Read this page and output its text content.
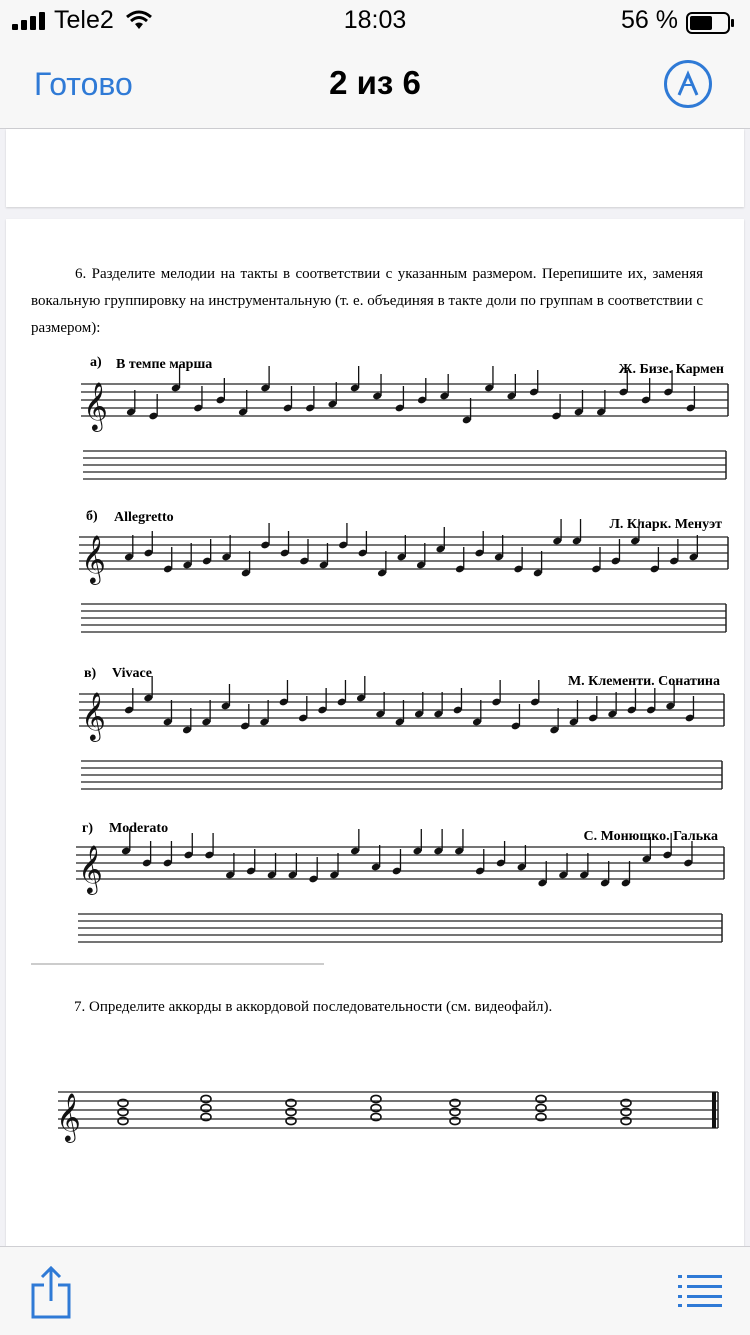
Tele2	18:03	56 %
Готово	2 из 6
6. Разделите мелодии на такты в соответствии с указанным размером. Перепишите их, заменяя вокальную группировку на инструментальную (т. е. объединяя в такте доли по группам в соответствии с размером):
а) В темпе марша	Ж. Бизе. Кармен
б) Allegretto	Л. Кларк. Менуэт
в) Vivace
М. Клементи. Сонатина
г) Moderato
С. Монюшко. Галька
𝄞
𝄞
𝄞
𝄞
𝄞
7. Определите аккорды в аккордовой последовательности (см. видеофайл).
